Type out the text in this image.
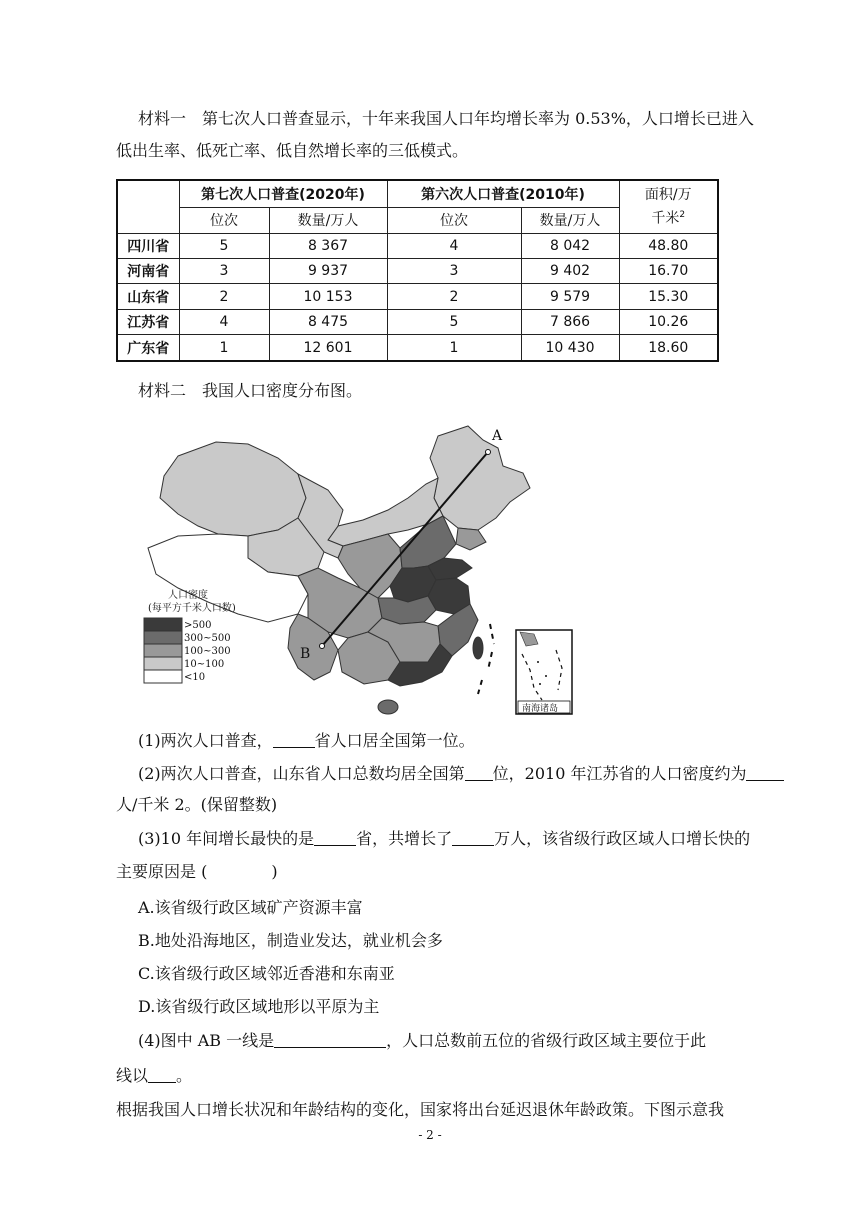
材料一　第七次人口普查显示，十年来我国人口年均增长率为 0.53%，人口增长已进入

低出生率、低死亡率、低自然增长率的三低模式。

	第七次人口普查(2020年)		第六次人口普查(2010年)		面积/万
千米$^2$
	位次	数量/万人	位次	数量/万人	
四川省	5	8 367	4	8 042	48.80
河南省	3	9 937	3	9 402	16.70
山东省	2	10 153	2	9 579	15.30
江苏省	4	8 475	5	7 866	10.26
广东省	1	12 601	1	10 430	18.60

材料二　我国人口密度分布图。

A
B
人口密度
(每平方千米人口数)
>500
300~500
100~300
10~100
<10
南海诸岛

(1)两次人口普查，	省人口居全国第一位。

(2)两次人口普查，山东省人口总数均居全国第 位，2010 年江苏省的人口密度约为

人/千米 2。(保留整数)

(3)10 年间增长最快的是	省，共增长了	万人，该省级行政区域人口增长快的

主要原因是 (　　　　)

A.该省级行政区域矿产资源丰富

B.地处沿海地区，制造业发达，就业机会多

C.该省级行政区域邻近香港和东南亚

D.该省级行政区域地形以平原为主

(4)图中 AB 一线是	，人口总数前五位的省级行政区域主要位于此

线以 。

根据我国人口增长状况和年龄结构的变化，国家将出台延迟退休年龄政策。下图示意我

- 2 -
